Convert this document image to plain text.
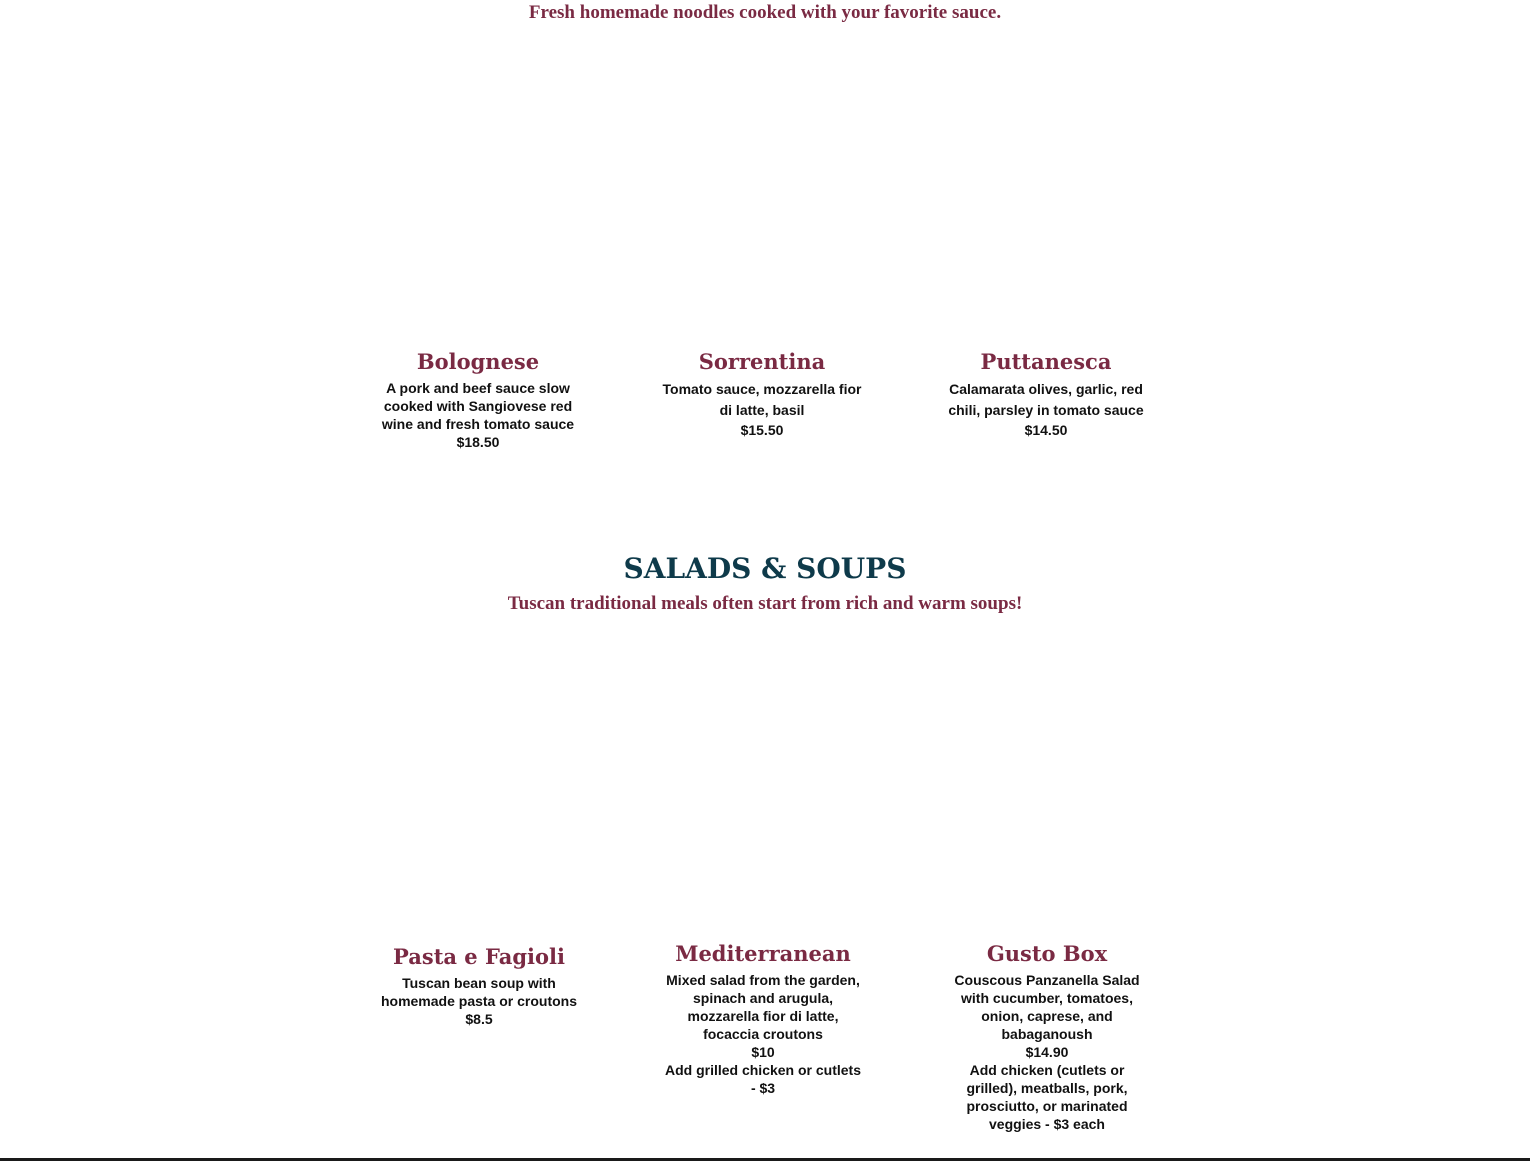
Fresh homemade noodles cooked with your favorite sauce.

Bolognese

A pork and beef sauce slow cooked with Sangiovese red wine and fresh tomato sauce

$18.50

Sorrentina

Tomato sauce, mozzarella fior di latte, basil

$15.50

Puttanesca

Calamarata olives, garlic, red chili, parsley in tomato sauce

$14.50

SALADS & SOUPS

Tuscan traditional meals often start from rich and warm soups!

Pasta e Fagioli

Tuscan bean soup with homemade pasta or croutons

$8.5

Mediterranean

Mixed salad from the garden, spinach and arugula, mozzarella fior di latte, focaccia croutons

$10

Add grilled chicken or cutlets - $3

Gusto Box

Couscous Panzanella Salad with cucumber, tomatoes, onion, caprese, and babaganoush

$14.90

Add chicken (cutlets or grilled), meatballs, pork, prosciutto, or marinated veggies - $3 each
